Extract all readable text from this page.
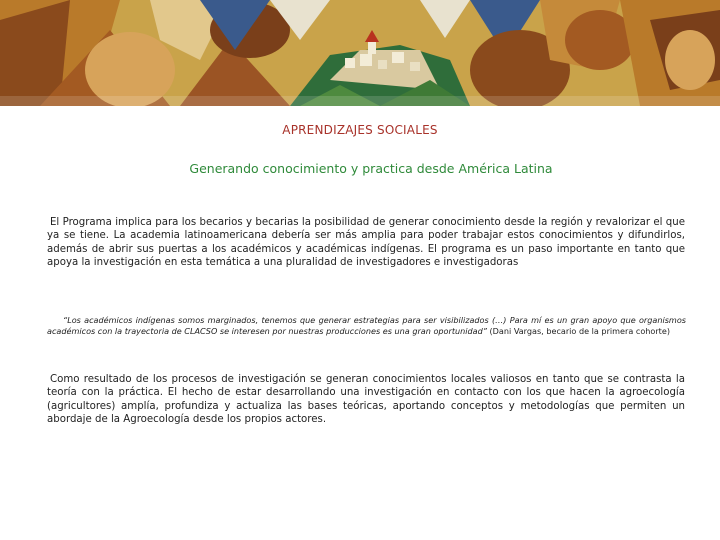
APRENDIZAJES SOCIALES
Generando conocimiento y practica desde América Latina
El Programa implica para los becarios y becarias la posibilidad de generar conocimiento desde la región y revalorizar el que ya se tiene. La academia latinoamericana debería ser más amplia para poder trabajar estos conocimientos y difundirlos, además de abrir sus puertas a los académicos y académicas indígenas. El programa es un paso importante en tanto que apoya la investigación en esta temática a una pluralidad de investigadores e investigadoras
“Los académicos indígenas somos marginados, tenemos que generar estrategias para ser visibilizados (…) Para mí es un gran apoyo que organismos académicos con la trayectoria de CLACSO se interesen por nuestras producciones es una gran oportunidad” (Dani Vargas, becario de la primera cohorte)
Como resultado de los procesos de investigación se generan conocimientos locales valiosos en tanto que se contrasta la teoría con la práctica. El hecho de estar desarrollando una investigación en contacto con los que hacen la agroecología (agricultores) amplía, profundiza y actualiza las bases teóricas, aportando conceptos y metodologías que permiten un abordaje de la Agroecología desde los propios actores.
